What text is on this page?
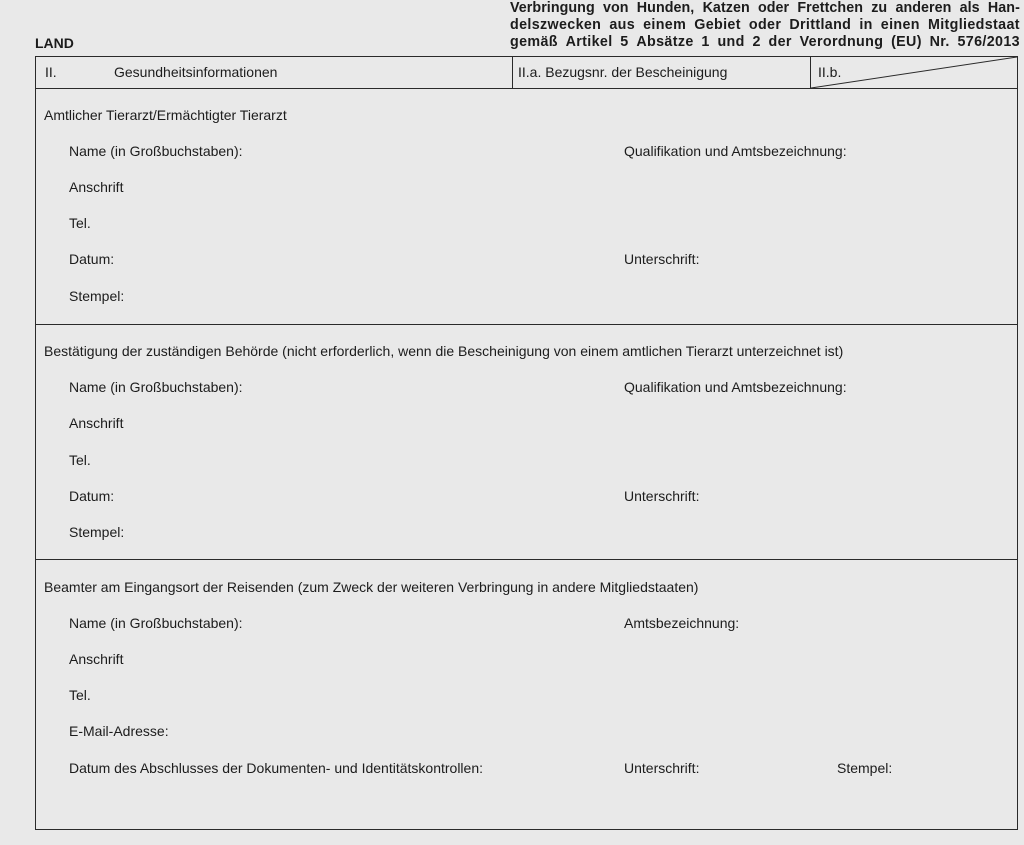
LAND
Verbringung von Hunden, Katzen oder Frettchen zu anderen als Han-
delszwecken aus einem Gebiet oder Drittland in einen Mitgliedstaat
gemäß Artikel 5 Absätze 1 und 2 der Verordnung (EU) Nr. 576/2013
II.	Gesundheitsinformationen	II.a. Bezugsnr. der Bescheinigung	II.b.
Amtlicher Tierarzt/Ermächtigter Tierarzt
Name (in Großbuchstaben):	Qualifikation und Amtsbezeichnung:
Anschrift
Tel.
Datum:	Unterschrift:
Stempel:
Bestätigung der zuständigen Behörde (nicht erforderlich, wenn die Bescheinigung von einem amtlichen Tierarzt unterzeichnet ist)
Name (in Großbuchstaben):	Qualifikation und Amtsbezeichnung:
Anschrift
Tel.
Datum:	Unterschrift:
Stempel:
Beamter am Eingangsort der Reisenden (zum Zweck der weiteren Verbringung in andere Mitgliedstaaten)
Name (in Großbuchstaben):	Amtsbezeichnung:
Anschrift
Tel.
E-Mail-Adresse:
Datum des Abschlusses der Dokumenten- und Identitätskontrollen:	Unterschrift:	Stempel:
